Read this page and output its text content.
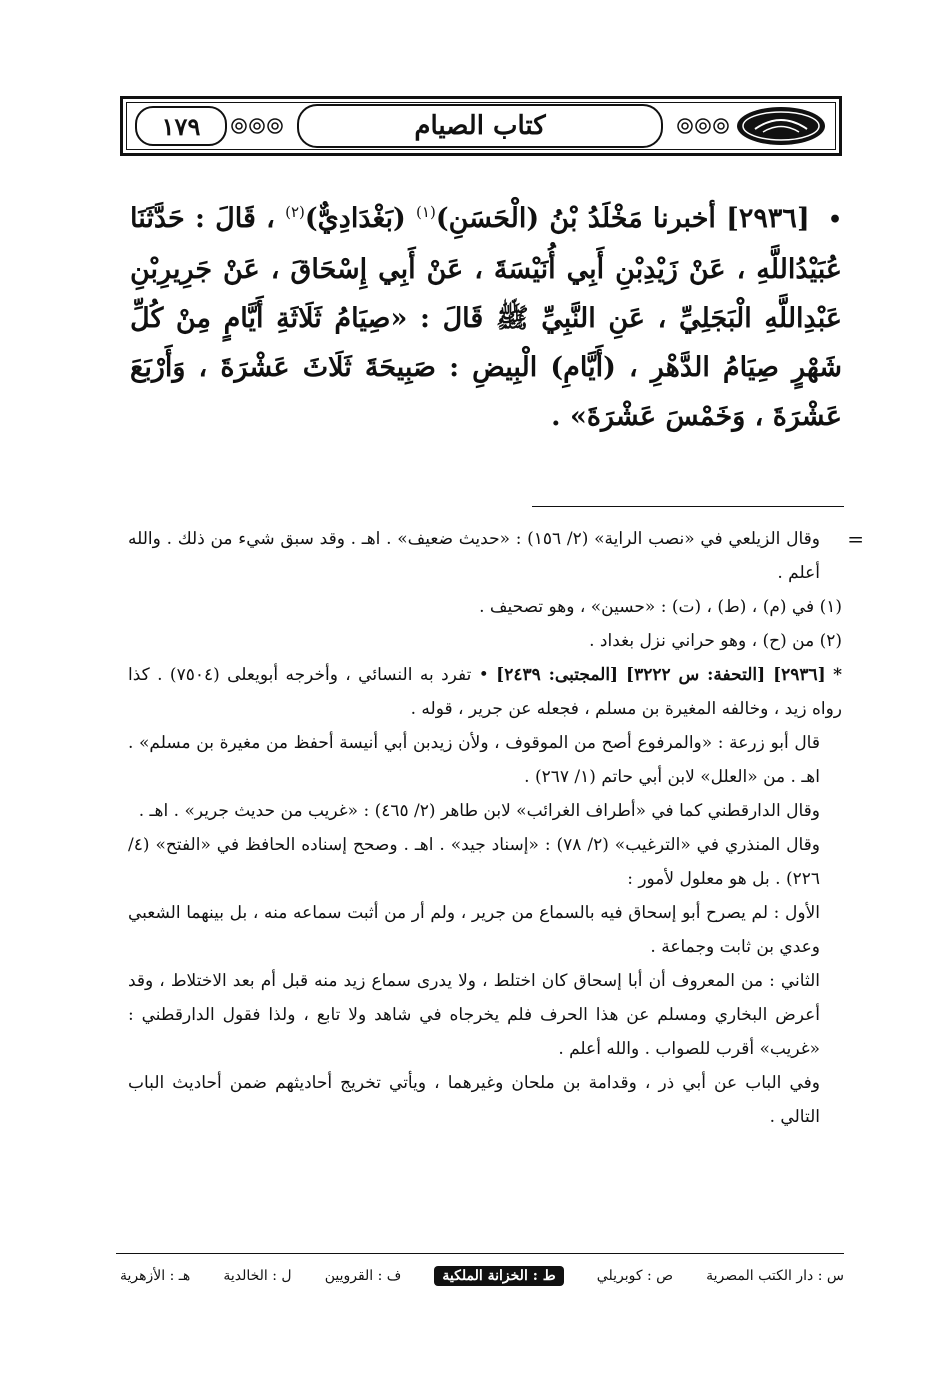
١٧٩	كتاب الصيام
• [٢٩٣٦] أخبرنا مَخْلَدُ بْنُ (الْحَسَنِ)$^{(١)}$ (بَغْدَادِيٌّ)$^{(٢)}$ ، قَالَ : حَدَّثَنَا عُبَيْدُاللَّهِ ، عَنْ زَيْدِبْنِ أَبِي أُنَيْسَةَ ، عَنْ أَبِي إِسْحَاقَ ، عَنْ جَرِيرِبْنِ عَبْدِاللَّهِ الْبَجَلِيِّ ، عَنِ النَّبِيِّ ﷺ قَالَ : «صِيَامُ ثَلَاثَةِ أَيَّامٍ مِنْ كُلِّ شَهْرٍ صِيَامُ الدَّهْرِ ، (أَيَّامِ) الْبِيضِ : صَبِيحَةَ ثَلَاثَ عَشْرَةَ ، وَأَرْبَعَ عَشْرَةَ ، وَخَمْسَ عَشْرَةَ» .
=

وقال الزيلعي في «نصب الراية» (٢/ ١٥٦) : «حديث ضعيف» . اهـ . وقد سبق شيء من ذلك . والله أعلم .

(١) في (م) ، (ط) ، (ت) : «حسين» ، وهو تصحيف .

(٢) من (ح) ، وهو حراني نزل بغداد .

* [٢٩٣٦] [التحفة: س ٣٢٢٢] [المجتبى: ٢٤٣٩] • تفرد به النسائي ، وأخرجه أبويعلى (٧٥٠٤) . كذا رواه زيد ، وخالفه المغيرة بن مسلم ، فجعله عن جرير ، قوله .

قال أبو زرعة : «والمرفوع أصح من الموقوف ، ولأن زيدبن أبي أنيسة أحفظ من مغيرة بن مسلم» . اهـ . من «العلل» لابن أبي حاتم (١/ ٢٦٧) .

وقال الدارقطني كما في «أطراف الغرائب» لابن طاهر (٢/ ٤٦٥) : «غريب من حديث جرير» . اهـ .

وقال المنذري في «الترغيب» (٢/ ٧٨) : «إسناد جيد» . اهـ . وصحح إسناده الحافظ في «الفتح» (٤/ ٢٢٦) . بل هو معلول لأمور :

الأول : لم يصرح أبو إسحاق فيه بالسماع من جرير ، ولم أر من أثبت سماعه منه ، بل بينهما الشعبي وعدي بن ثابت وجماعة .

الثاني : من المعروف أن أبا إسحاق كان اختلط ، ولا يدرى سماع زيد منه قبل أم بعد الاختلاط ، وقد أعرض البخاري ومسلم عن هذا الحرف فلم يخرجاه في شاهد ولا تابع ، ولذا فقول الدارقطني : «غريب» أقرب للصواب . والله أعلم .

وفي الباب عن أبي ذر ، وقدامة بن ملحان وغيرهما ، ويأتي تخريج أحاديثهم ضمن أحاديث الباب التالي .

س : دار الكتب المصرية
ص : كوبريلي
ط : الخزانة الملكية
ف : القرويين
ل : الخالدية
هـ : الأزهرية
